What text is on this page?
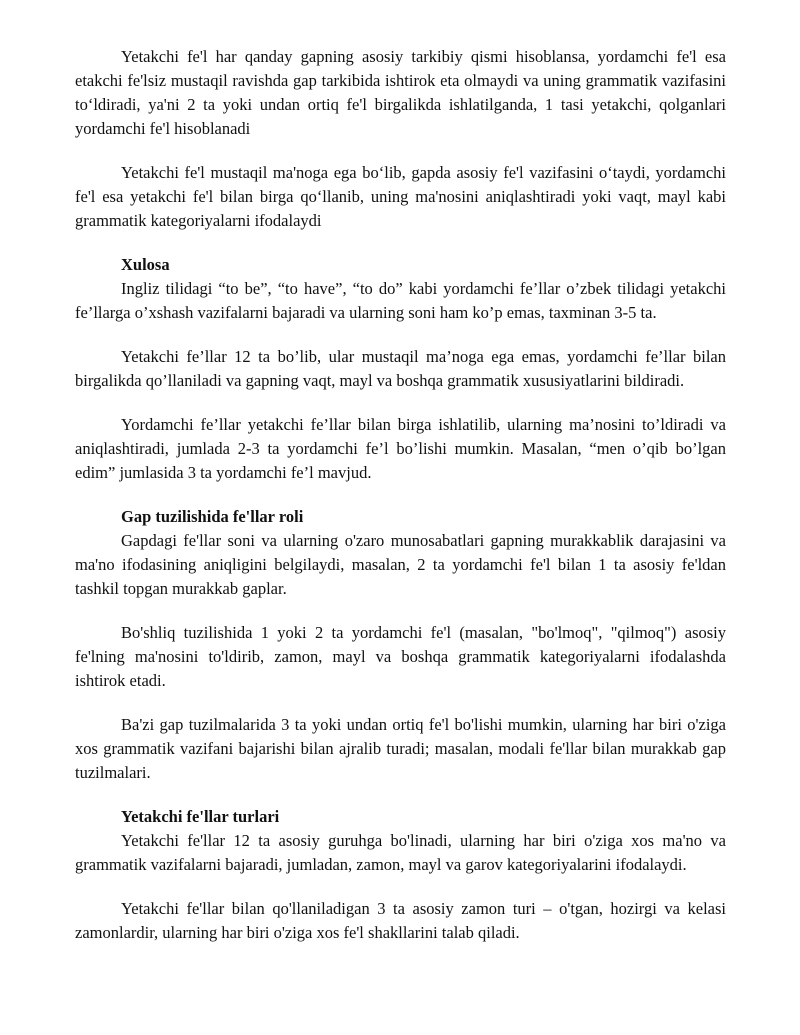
Yetakchi fe'l har qanday gapning asosiy tarkibiy qismi hisoblansa, yordamchi fe'l esa etakchi fe'lsiz mustaqil ravishda gap tarkibida ishtirok eta olmaydi va uning grammatik vazifasini to‘ldiradi, ya'ni 2 ta yoki undan ortiq fe'l birgalikda ishlatilganda, 1 tasi yetakchi, qolganlari yordamchi fe'l hisoblanadi

Yetakchi fe'l mustaqil ma'noga ega bo‘lib, gapda asosiy fe'l vazifasini o‘taydi, yordamchi fe'l esa yetakchi fe'l bilan birga qo‘llanib, uning ma'nosini aniqlashtiradi yoki vaqt, mayl kabi grammatik kategoriyalarni ifodalaydi

Xulosa

Ingliz tilidagi “to be”, “to have”, “to do” kabi yordamchi fe’llar o’zbek tilidagi yetakchi fe’llarga o’xshash vazifalarni bajaradi va ularning soni ham ko’p emas, taxminan 3-5 ta.

Yetakchi fe’llar 12 ta bo’lib, ular mustaqil ma’noga ega emas, yordamchi fe’llar bilan birgalikda qo’llaniladi va gapning vaqt, mayl va boshqa grammatik xususiyatlarini bildiradi.

Yordamchi fe’llar yetakchi fe’llar bilan birga ishlatilib, ularning ma’nosini to’ldiradi va aniqlashtiradi, jumlada 2-3 ta yordamchi fe’l bo’lishi mumkin. Masalan, “men o’qib bo’lgan edim” jumlasida 3 ta yordamchi fe’l mavjud.

Gap tuzilishida fe'llar roli

Gapdagi fe'llar soni va ularning o'zaro munosabatlari gapning murakkablik darajasini va ma'no ifodasining aniqligini belgilaydi, masalan, 2 ta yordamchi fe'l bilan 1 ta asosiy fe'ldan tashkil topgan murakkab gaplar.

Bo'shliq tuzilishida 1 yoki 2 ta yordamchi fe'l (masalan, "bo'lmoq", "qilmoq") asosiy fe'lning ma'nosini to'ldirib, zamon, mayl va boshqa grammatik kategoriyalarni ifodalashda ishtirok etadi.

Ba'zi gap tuzilmalarida 3 ta yoki undan ortiq fe'l bo'lishi mumkin, ularning har biri o'ziga xos grammatik vazifani bajarishi bilan ajralib turadi; masalan, modali fe'llar bilan murakkab gap tuzilmalari.

Yetakchi fe'llar turlari

Yetakchi fe'llar 12 ta asosiy guruhga bo'linadi, ularning har biri o'ziga xos ma'no va grammatik vazifalarni bajaradi, jumladan, zamon, mayl va garov kategoriyalarini ifodalaydi.

Yetakchi fe'llar bilan qo'llaniladigan 3 ta asosiy zamon turi – o'tgan, hozirgi va kelasi zamonlardir, ularning har biri o'ziga xos fe'l shakllarini talab qiladi.
